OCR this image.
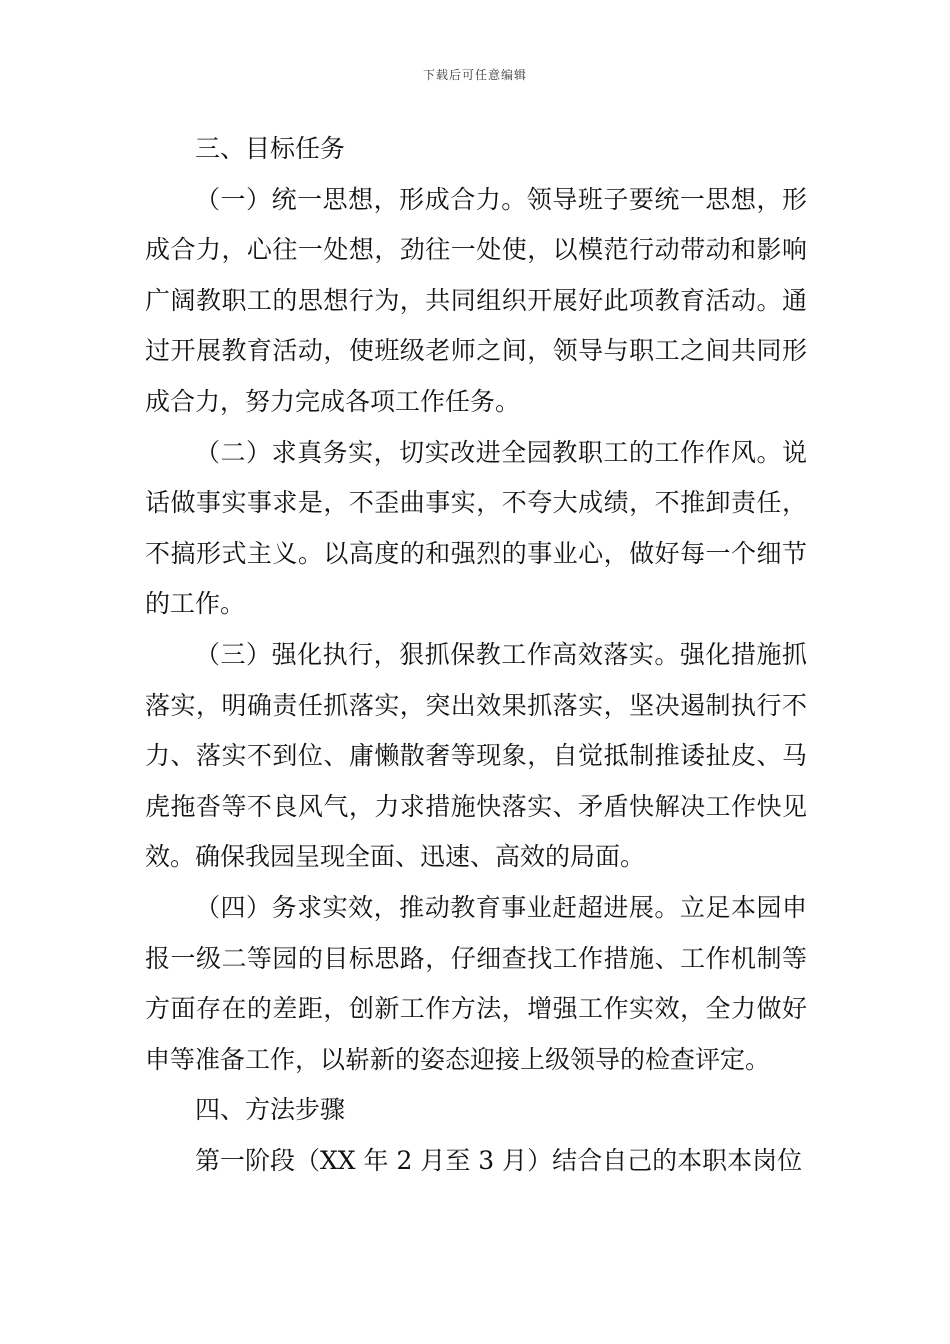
下载后可任意编辑

三、目标任务

（一）统一思想，形成合力。领导班子要统一思想，形成合力，心往一处想，劲往一处使，以模范行动带动和影响广阔教职工的思想行为，共同组织开展好此项教育活动。通过开展教育活动，使班级老师之间，领导与职工之间共同形成合力，努力完成各项工作任务。

（二）求真务实，切实改进全园教职工的工作作风。说话做事实事求是，不歪曲事实，不夸大成绩，不推卸责任，不搞形式主义。以高度的和强烈的事业心，做好每一个细节的工作。

（三）强化执行，狠抓保教工作高效落实。强化措施抓落实，明确责任抓落实，突出效果抓落实，坚决遏制执行不力、落实不到位、庸懒散奢等现象，自觉抵制推诿扯皮、马虎拖沓等不良风气，力求措施快落实、矛盾快解决工作快见效。确保我园呈现全面、迅速、高效的局面。

（四）务求实效，推动教育事业赶超进展。立足本园申报一级二等园的目标思路，仔细查找工作措施、工作机制等方面存在的差距，创新工作方法，增强工作实效，全力做好申等准备工作，以崭新的姿态迎接上级领导的检查评定。

四、方法步骤

第一阶段（XX 年 2 月至 3 月）结合自己的本职本岗位
